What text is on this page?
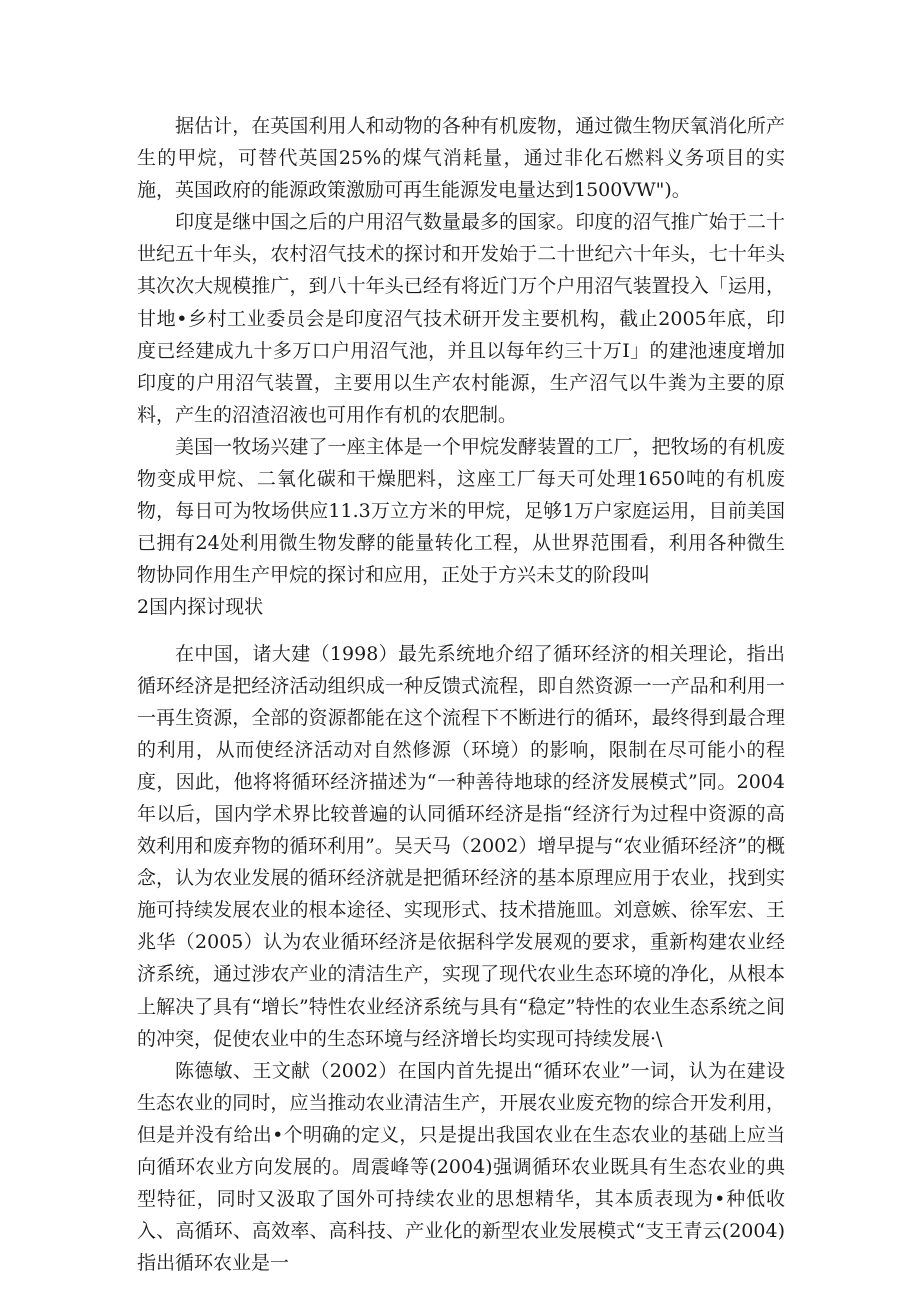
据估计，在英国利用人和动物的各种有机废物，通过微生物厌氧消化所产生的甲烷，可替代英国25%的煤气消耗量，通过非化石燃料义务项目的实施，英国政府的能源政策激励可再生能源发电量达到1500VW")。

印度是继中国之后的户用沼气数量最多的国家。印度的沼气推广始于二十世纪五十年头，农村沼气技术的探讨和开发始于二十世纪六十年头，七十年头其次次大规模推广，到八十年头已经有将近门万个户用沼气装置投入「运用，甘地•乡村工业委员会是印度沼气技术研开发主要机构，截止2005年底，印度已经建成九十多万口户用沼气池，并且以每年约三十万I」的建池速度增加印度的户用沼气装置，主要用以生产农村能源，生产沼气以牛粪为主要的原料，产生的沼渣沼液也可用作有机的农肥制。

美国一牧场兴建了一座主体是一个甲烷发酵装置的工厂，把牧场的有机废物变成甲烷、二氧化碳和干燥肥料，这座工厂每天可处理1650吨的有机废物，每日可为牧场供应11.3万立方米的甲烷，足够1万户家庭运用，目前美国已拥有24处利用微生物发酵的能量转化工程，从世界范围看，利用各种微生物协同作用生产甲烷的探讨和应用，正处于方兴未艾的阶段叫

2国内探讨现状

在中国，诸大建（1998）最先系统地介绍了循环经济的相关理论，指出循环经济是把经济活动组织成一种反馈式流程，即自然资源一一产品和利用一一再生资源，全部的资源都能在这个流程下不断进行的循环，最终得到最合理的利用，从而使经济活动对自然修源（环境）的影响，限制在尽可能小的程度，因此，他将将循环经济描述为“一种善待地球的经济发展模式”同。2004年以后，国内学术界比较普遍的认同循环经济是指“经济行为过程中资源的高效利用和废弃物的循环利用”。吴天马（2002）增早提与“农业循环经济”的概念，认为农业发展的循环经济就是把循环经济的基本原理应用于农业，找到实施可持续发展农业的根本途径、实现形式、技术措施皿。刘意嫉、徐军宏、王兆华（2005）认为农业循环经济是依据科学发展观的要求，重新构建农业经济系统，通过涉农产业的清洁生产，实现了现代农业生态环境的净化，从根本上解决了具有“增长”特性农业经济系统与具有“稳定”特性的农业生态系统之间的冲突，促使农业中的生态环境与经济增长均实现可持续发展·\

陈德敏、王文献（2002）在国内首先提出“循环农业”一词，认为在建设生态农业的同时，应当推动农业清洁生产，开展农业废充物的综合开发利用，但是并没有给出•个明确的定义，只是提出我国农业在生态农业的基础上应当向循环农业方向发展的。周震峰等(2004)强调循环农业既具有生态农业的典型特征，同时又汲取了国外可持续农业的思想精华，其本质表现为•种低收入、高循环、高效率、高科技、产业化的新型农业发展模式“支王青云(2004)指出循环农业是一
